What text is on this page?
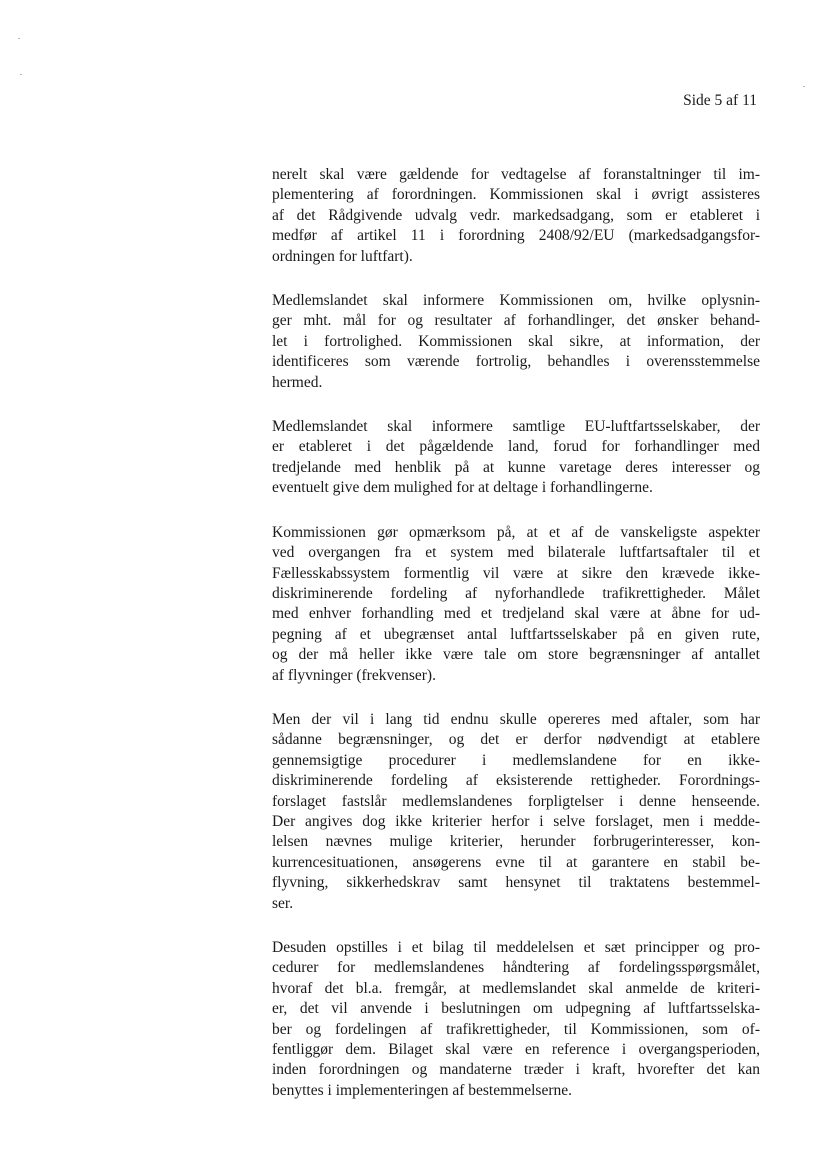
Side 5 af 11

nerelt skal være gældende for vedtagelse af foranstaltninger til im-
plementering af forordningen. Kommissionen skal i øvrigt assisteres
af det Rådgivende udvalg vedr. markedsadgang, som er etableret i
medfør af artikel 11 i forordning 2408/92/EU (markedsadgangsfor-
ordningen for luftfart).

Medlemslandet skal informere Kommissionen om, hvilke oplysnin-
ger mht. mål for og resultater af forhandlinger, det ønsker behand-
let i fortrolighed. Kommissionen skal sikre, at information, der
identificeres som værende fortrolig, behandles i overensstemmelse
hermed.

Medlemslandet skal informere samtlige EU-luftfartsselskaber, der
er etableret i det pågældende land, forud for forhandlinger med
tredjelande med henblik på at kunne varetage deres interesser og
eventuelt give dem mulighed for at deltage i forhandlingerne.

Kommissionen gør opmærksom på, at et af de vanskeligste aspekter
ved overgangen fra et system med bilaterale luftfartsaftaler til et
Fællesskabssystem formentlig vil være at sikre den krævede ikke-
diskriminerende fordeling af nyforhandlede trafikrettigheder. Målet
med enhver forhandling med et tredjeland skal være at åbne for ud-
pegning af et ubegrænset antal luftfartsselskaber på en given rute,
og der må heller ikke være tale om store begrænsninger af antallet
af flyvninger (frekvenser).

Men der vil i lang tid endnu skulle opereres med aftaler, som har
sådanne begrænsninger, og det er derfor nødvendigt at etablere
gennemsigtige procedurer i medlemslandene for en ikke-
diskriminerende fordeling af eksisterende rettigheder. Forordnings-
forslaget fastslår medlemslandenes forpligtelser i denne henseende.
Der angives dog ikke kriterier herfor i selve forslaget, men i medde-
lelsen nævnes mulige kriterier, herunder forbrugerinteresser, kon-
kurrencesituationen, ansøgerens evne til at garantere en stabil be-
flyvning, sikkerhedskrav samt hensynet til traktatens bestemmel-
ser.

Desuden opstilles i et bilag til meddelelsen et sæt principper og pro-
cedurer for medlemslandenes håndtering af fordelingsspørgsmålet,
hvoraf det bl.a. fremgår, at medlemslandet skal anmelde de kriteri-
er, det vil anvende i beslutningen om udpegning af luftfartsselska-
ber og fordelingen af trafikrettigheder, til Kommissionen, som of-
fentliggør dem. Bilaget skal være en reference i overgangsperioden,
inden forordningen og mandaterne træder i kraft, hvorefter det kan
benyttes i implementeringen af bestemmelserne.
